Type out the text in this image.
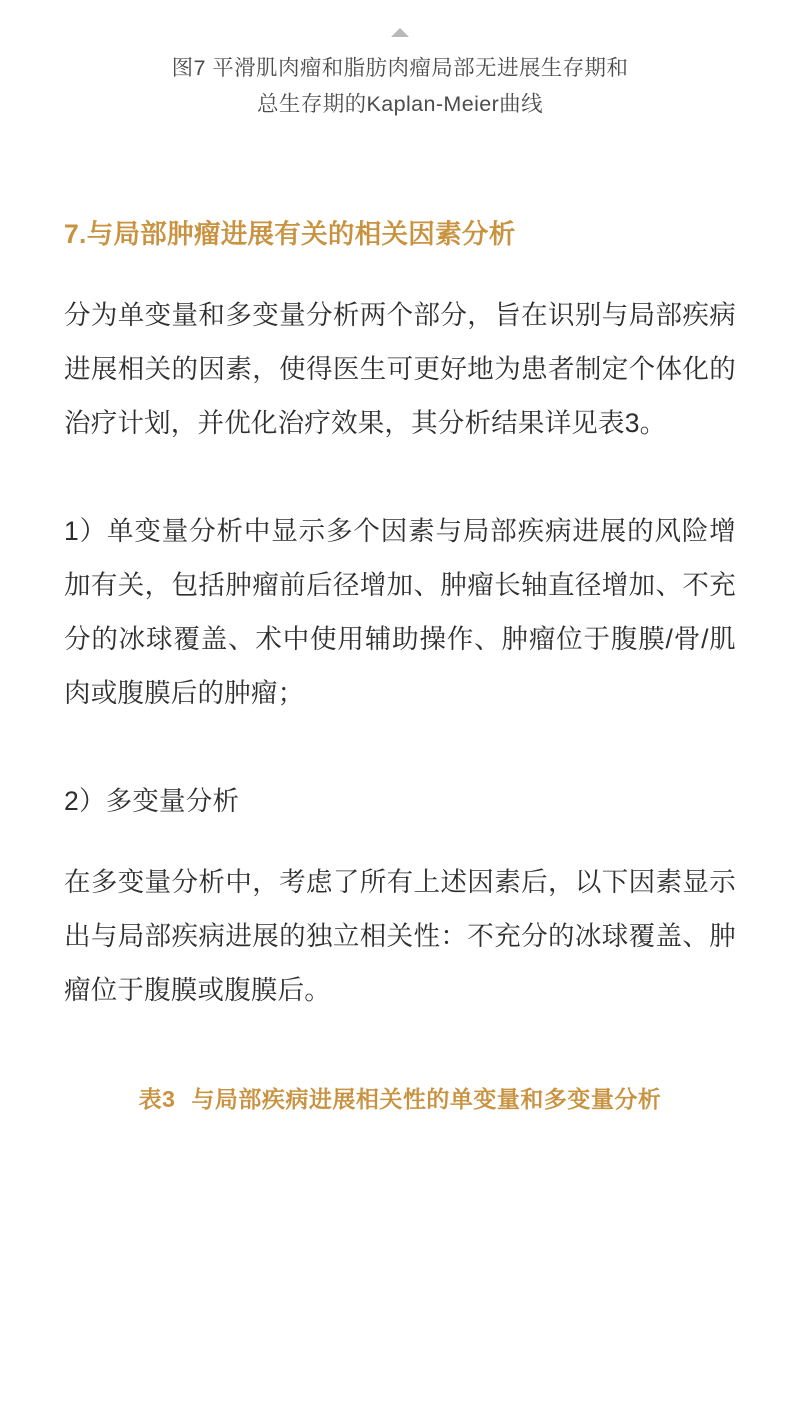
图7 平滑肌肉瘤和脂肪肉瘤局部无进展生存期和
总生存期的Kaplan-Meier曲线
7.与局部肿瘤进展有关的相关因素分析

分为单变量和多变量分析两个部分，旨在识别与局部疾病进展相关的因素，使得医生可更好地为患者制定个体化的治疗计划，并优化治疗效果，其分析结果详见表3。

1）单变量分析中显示多个因素与局部疾病进展的风险增加有关，包括肿瘤前后径增加、肿瘤长轴直径增加、不充分的冰球覆盖、术中使用辅助操作、肿瘤位于腹膜/骨/肌肉或腹膜后的肿瘤；

2）多变量分析

在多变量分析中，考虑了所有上述因素后，以下因素显示出与局部疾病进展的独立相关性：不充分的冰球覆盖、肿瘤位于腹膜或腹膜后。

表3 与局部疾病进展相关性的单变量和多变量分析
